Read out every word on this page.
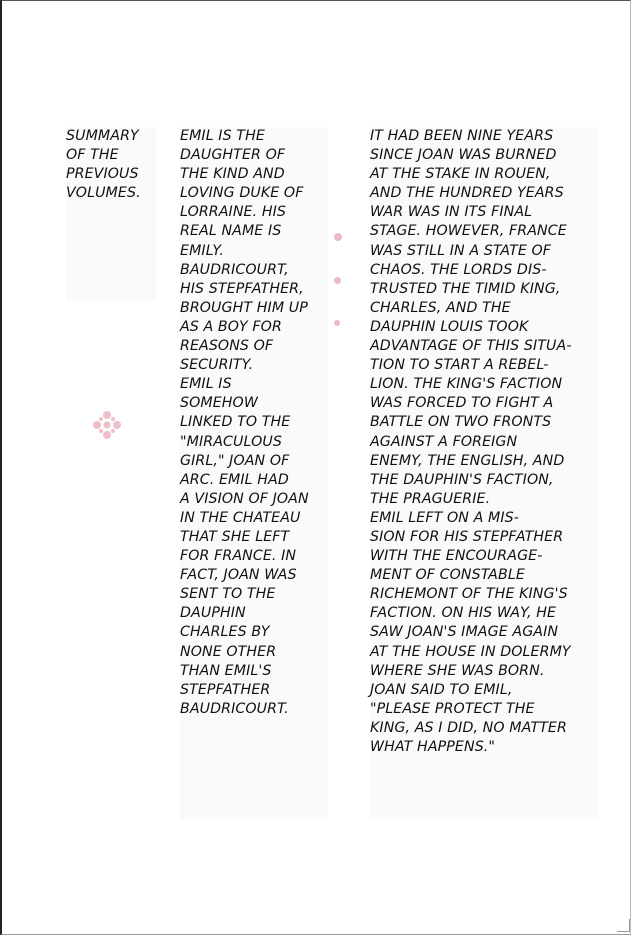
SUMMARY
OF THE
PREVIOUS
VOLUMES.
EMIL IS THE
DAUGHTER OF
THE KIND AND
LOVING DUKE OF
LORRAINE. HIS
REAL NAME IS
EMILY.
BAUDRICOURT,
HIS STEPFATHER,
BROUGHT HIM UP
AS A BOY FOR
REASONS OF
SECURITY.
EMIL IS
SOMEHOW
LINKED TO THE
"MIRACULOUS
GIRL," JOAN OF
ARC. EMIL HAD
A VISION OF JOAN
IN THE CHATEAU
THAT SHE LEFT
FOR FRANCE. IN
FACT, JOAN WAS
SENT TO THE
DAUPHIN
CHARLES BY
NONE OTHER
THAN EMIL'S
STEPFATHER
BAUDRICOURT.
IT HAD BEEN NINE YEARS
SINCE JOAN WAS BURNED
AT THE STAKE IN ROUEN,
AND THE HUNDRED YEARS
WAR WAS IN ITS FINAL
STAGE. HOWEVER, FRANCE
WAS STILL IN A STATE OF
CHAOS. THE LORDS DIS-
TRUSTED THE TIMID KING,
CHARLES, AND THE
DAUPHIN LOUIS TOOK
ADVANTAGE OF THIS SITUA-
TION TO START A REBEL-
LION. THE KING'S FACTION
WAS FORCED TO FIGHT A
BATTLE ON TWO FRONTS
AGAINST A FOREIGN
ENEMY, THE ENGLISH, AND
THE DAUPHIN'S FACTION,
THE PRAGUERIE.
EMIL LEFT ON A MIS-
SION FOR HIS STEPFATHER
WITH THE ENCOURAGE-
MENT OF CONSTABLE
RICHEMONT OF THE KING'S
FACTION. ON HIS WAY, HE
SAW JOAN'S IMAGE AGAIN
AT THE HOUSE IN DOLERMY
WHERE SHE WAS BORN.
JOAN SAID TO EMIL,
"PLEASE PROTECT THE
KING, AS I DID, NO MATTER
WHAT HAPPENS."
